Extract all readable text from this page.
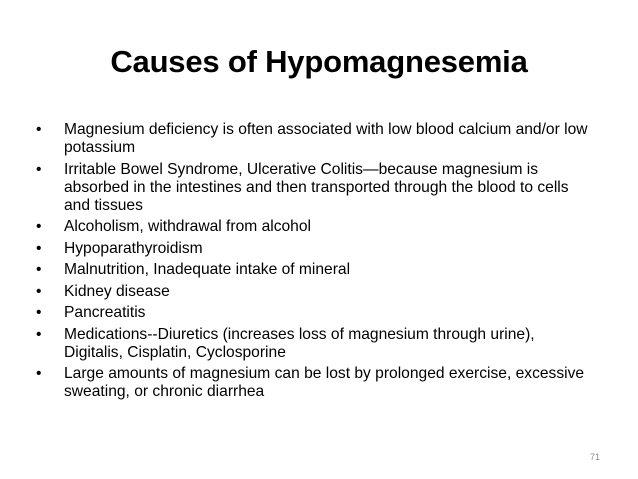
Causes of Hypomagnesemia
• Magnesium deficiency is often associated with low blood calcium and/or low potassium
• Irritable Bowel Syndrome, Ulcerative Colitis—because magnesium is absorbed in the intestines and then transported through the blood to cells and tissues
• Alcoholism, withdrawal from alcohol
• Hypoparathyroidism
• Malnutrition, Inadequate intake of mineral
• Kidney disease
• Pancreatitis
• Medications--Diuretics (increases loss of magnesium through urine), Digitalis, Cisplatin, Cyclosporine
• Large amounts of magnesium can be lost by prolonged exercise, excessive sweating, or chronic diarrhea
71
